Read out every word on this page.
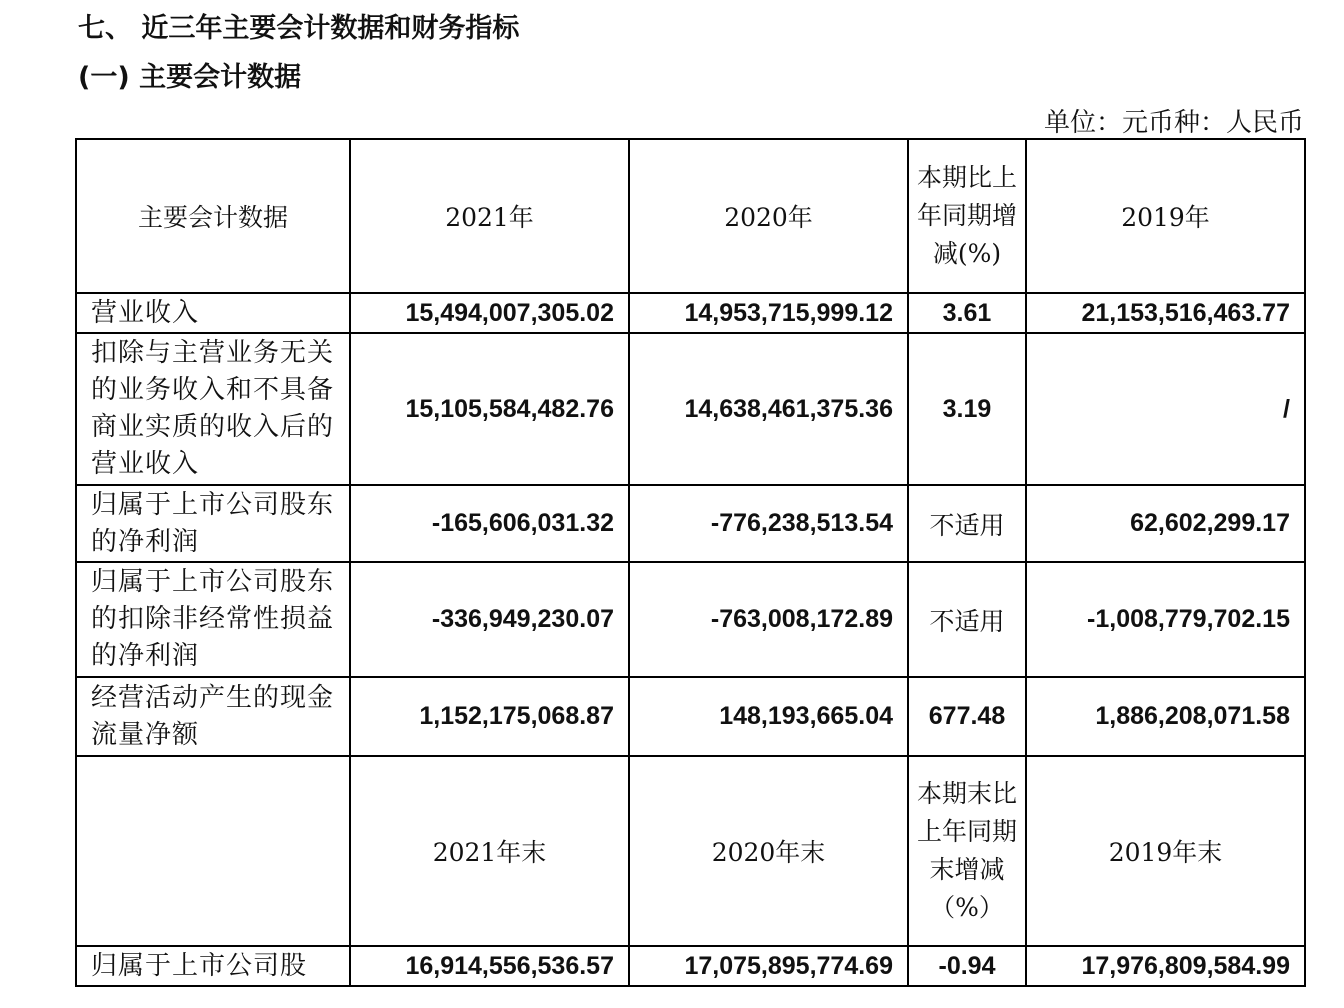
七、 近三年主要会计数据和财务指标
(一) 主要会计数据
单位：元币种：人民币
主要会计数据	2021年	2020年	本期比上年同期增减(%)	2019年
营业收入	15,494,007,305.02	14,953,715,999.12	3.61	21,153,516,463.77
扣除与主营业务无关的业务收入和不具备商业实质的收入后的营业收入	15,105,584,482.76	14,638,461,375.36	3.19	/
归属于上市公司股东的净利润	-165,606,031.32	-776,238,513.54	不适用	62,602,299.17
归属于上市公司股东的扣除非经常性损益的净利润	-336,949,230.07	-763,008,172.89	不适用	-1,008,779,702.15
经营活动产生的现金流量净额	1,152,175,068.87	148,193,665.04	677.48	1,886,208,071.58
	2021年末	2020年末	本期末比上年同期末增减（%）	2019年末
归属于上市公司股	16,914,556,536.57	17,075,895,774.69	-0.94	17,976,809,584.99
